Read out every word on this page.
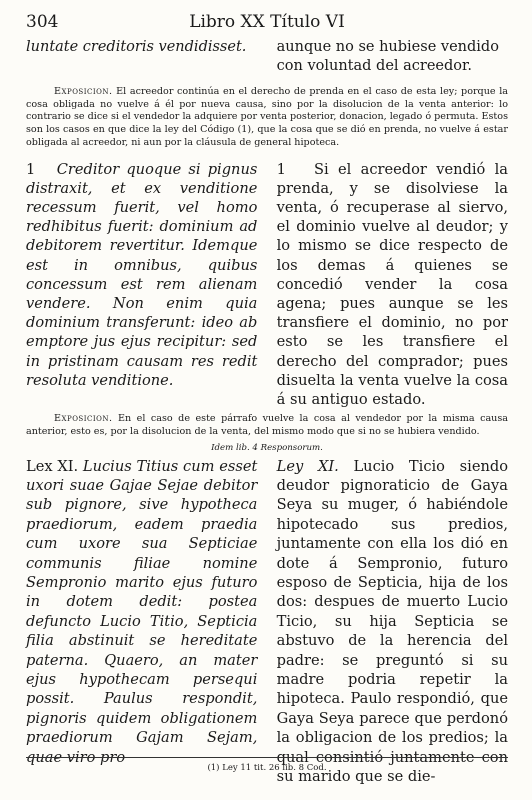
304	Libro XX Título VI
luntate creditoris vendidisset.	aunque no se hubiese vendido con voluntad del acreedor.
Exposicion. El acreedor continúa en el derecho de prenda en el caso de esta ley; porque la cosa obligada no vuelve á él por nueva causa, sino por la disolucion de la venta anterior: lo contrario se dice si el vendedor la adquiere por venta posterior, donacion, legado ó permuta. Estos son los casos en que dice la ley del Código (1), que la cosa que se dió en prenda, no vuelve á estar obligada al acreedor, ni aun por la cláusula de general hipoteca.
1 Creditor quoque si pignus distraxit, et ex venditione recessum fuerit, vel homo redhibitus fuerit: dominium ad debitorem revertitur. Idemque est in omnibus, quibus concessum est rem alienam vendere. Non enim quia dominium transferunt: ideo ab emptore jus ejus recipitur: sed in pristinam causam res redit resoluta venditione.
1 Si el acreedor vendió la prenda, y se disolviese la venta, ó recuperase al siervo, el dominio vuelve al deudor; y lo mismo se dice respecto de los demas á quienes se concedió vender la cosa agena; pues aunque se les transfiere el dominio, no por esto se les transfiere el derecho del comprador; pues disuelta la venta vuelve la cosa á su antiguo estado.
Exposicion. En el caso de este párrafo vuelve la cosa al vendedor por la misma causa anterior, esto es, por la disolucion de la venta, del mismo modo que si no se hubiera vendido.
Idem lib. 4 Responsorum.
Lex XI. Lucius Titius cum esset uxori suae Gajae Sejae debitor sub pignore, sive hypotheca praediorum, eadem praedia cum uxore sua Septiciae communis filiae nomine Sempronio marito ejus futuro in dotem dedit: postea defuncto Lucio Titio, Septicia filia abstinuit se hereditate paterna. Quaero, an mater ejus hypothecam persequi possit. Paulus respondit, pignoris quidem obligationem praediorum Gajam Sejam, quae viro pro
Ley XI. Lucio Ticio siendo deudor pignoraticio de Gaya Seya su muger, ó habiéndole hipotecado sus predios, juntamente con ella los dió en dote á Sempronio, futuro esposo de Septicia, hija de los dos: despues de muerto Lucio Ticio, su hija Septicia se abstuvo de la herencia del padre: se preguntó si su madre podria repetir la hipoteca. Paulo respondió, que Gaya Seya parece que perdonó la obligacion de los predios; la qual consintió juntamente con su marido que se die-
(1) Ley 11 tit. 26 lib. 8 Cod.
